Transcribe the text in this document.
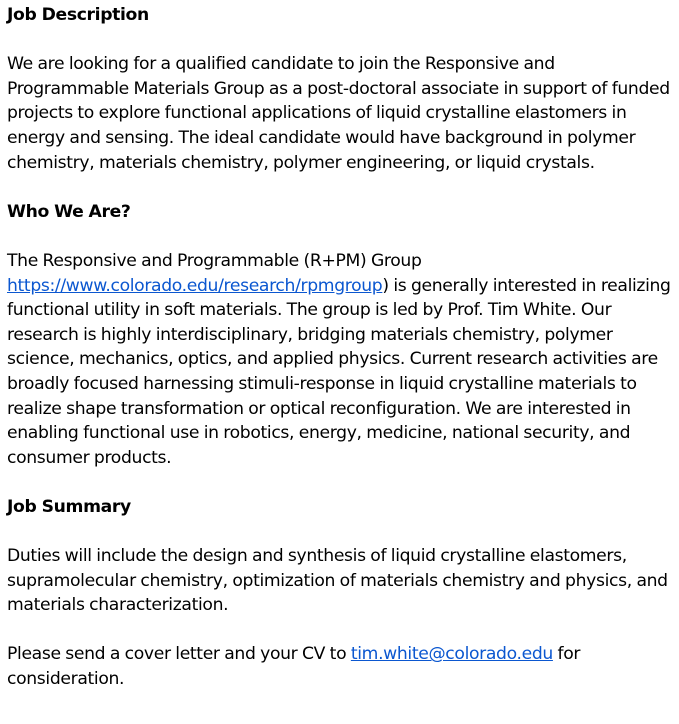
Job Description

We are looking for a qualified candidate to join the Responsive and Programmable Materials Group as a post-doctoral associate in support of funded projects to explore functional applications of liquid crystalline elastomers in energy and sensing. The ideal candidate would have background in polymer chemistry, materials chemistry, polymer engineering, or liquid crystals.

Who We Are?

The Responsive and Programmable (R+PM) Group https://www.colorado.edu/research/rpmgroup) is generally interested in realizing functional utility in soft materials. The group is led by Prof. Tim White. Our research is highly interdisciplinary, bridging materials chemistry, polymer science, mechanics, optics, and applied physics. Current research activities are broadly focused harnessing stimuli-response in liquid crystalline materials to realize shape transformation or optical reconfiguration. We are interested in enabling functional use in robotics, energy, medicine, national security, and consumer products.

Job Summary

Duties will include the design and synthesis of liquid crystalline elastomers, supramolecular chemistry, optimization of materials chemistry and physics, and materials characterization.

Please send a cover letter and your CV to tim.white@colorado.edu for consideration.
